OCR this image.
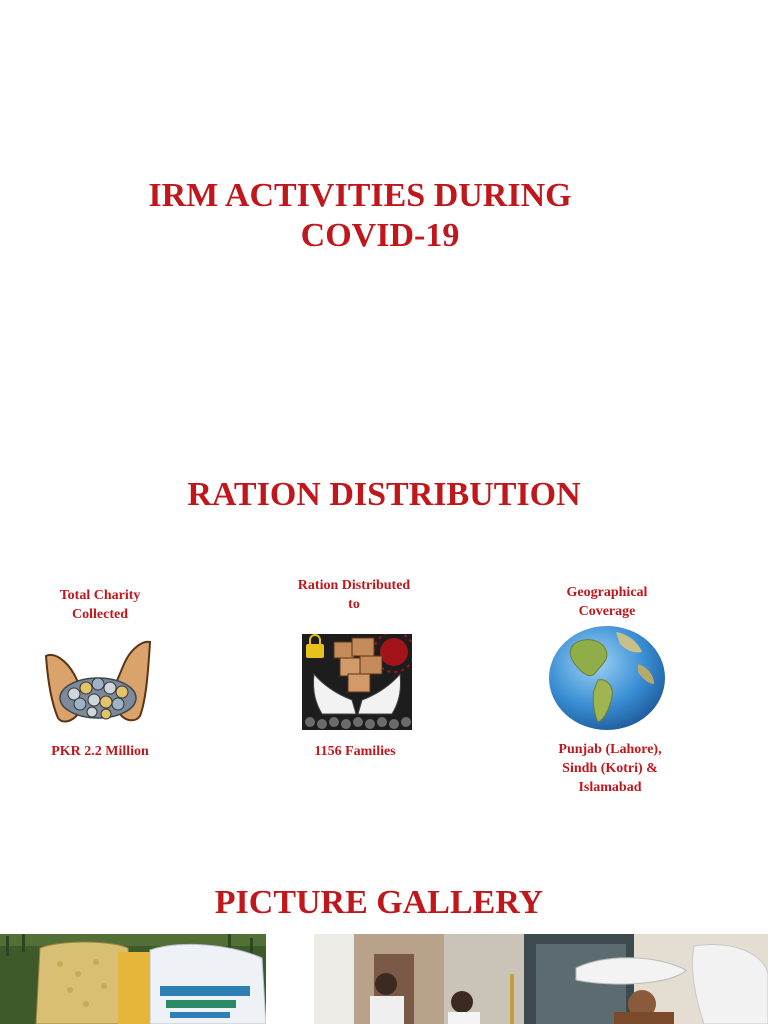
IRM ACTIVITIES DURING
COVID-19
RATION DISTRIBUTION
Total Charity Collected
PKR 2.2 Million
Ration Distributed to
1156 Families
Geographical Coverage
Punjab (Lahore), Sindh (Kotri) & Islamabad
PICTURE GALLERY
